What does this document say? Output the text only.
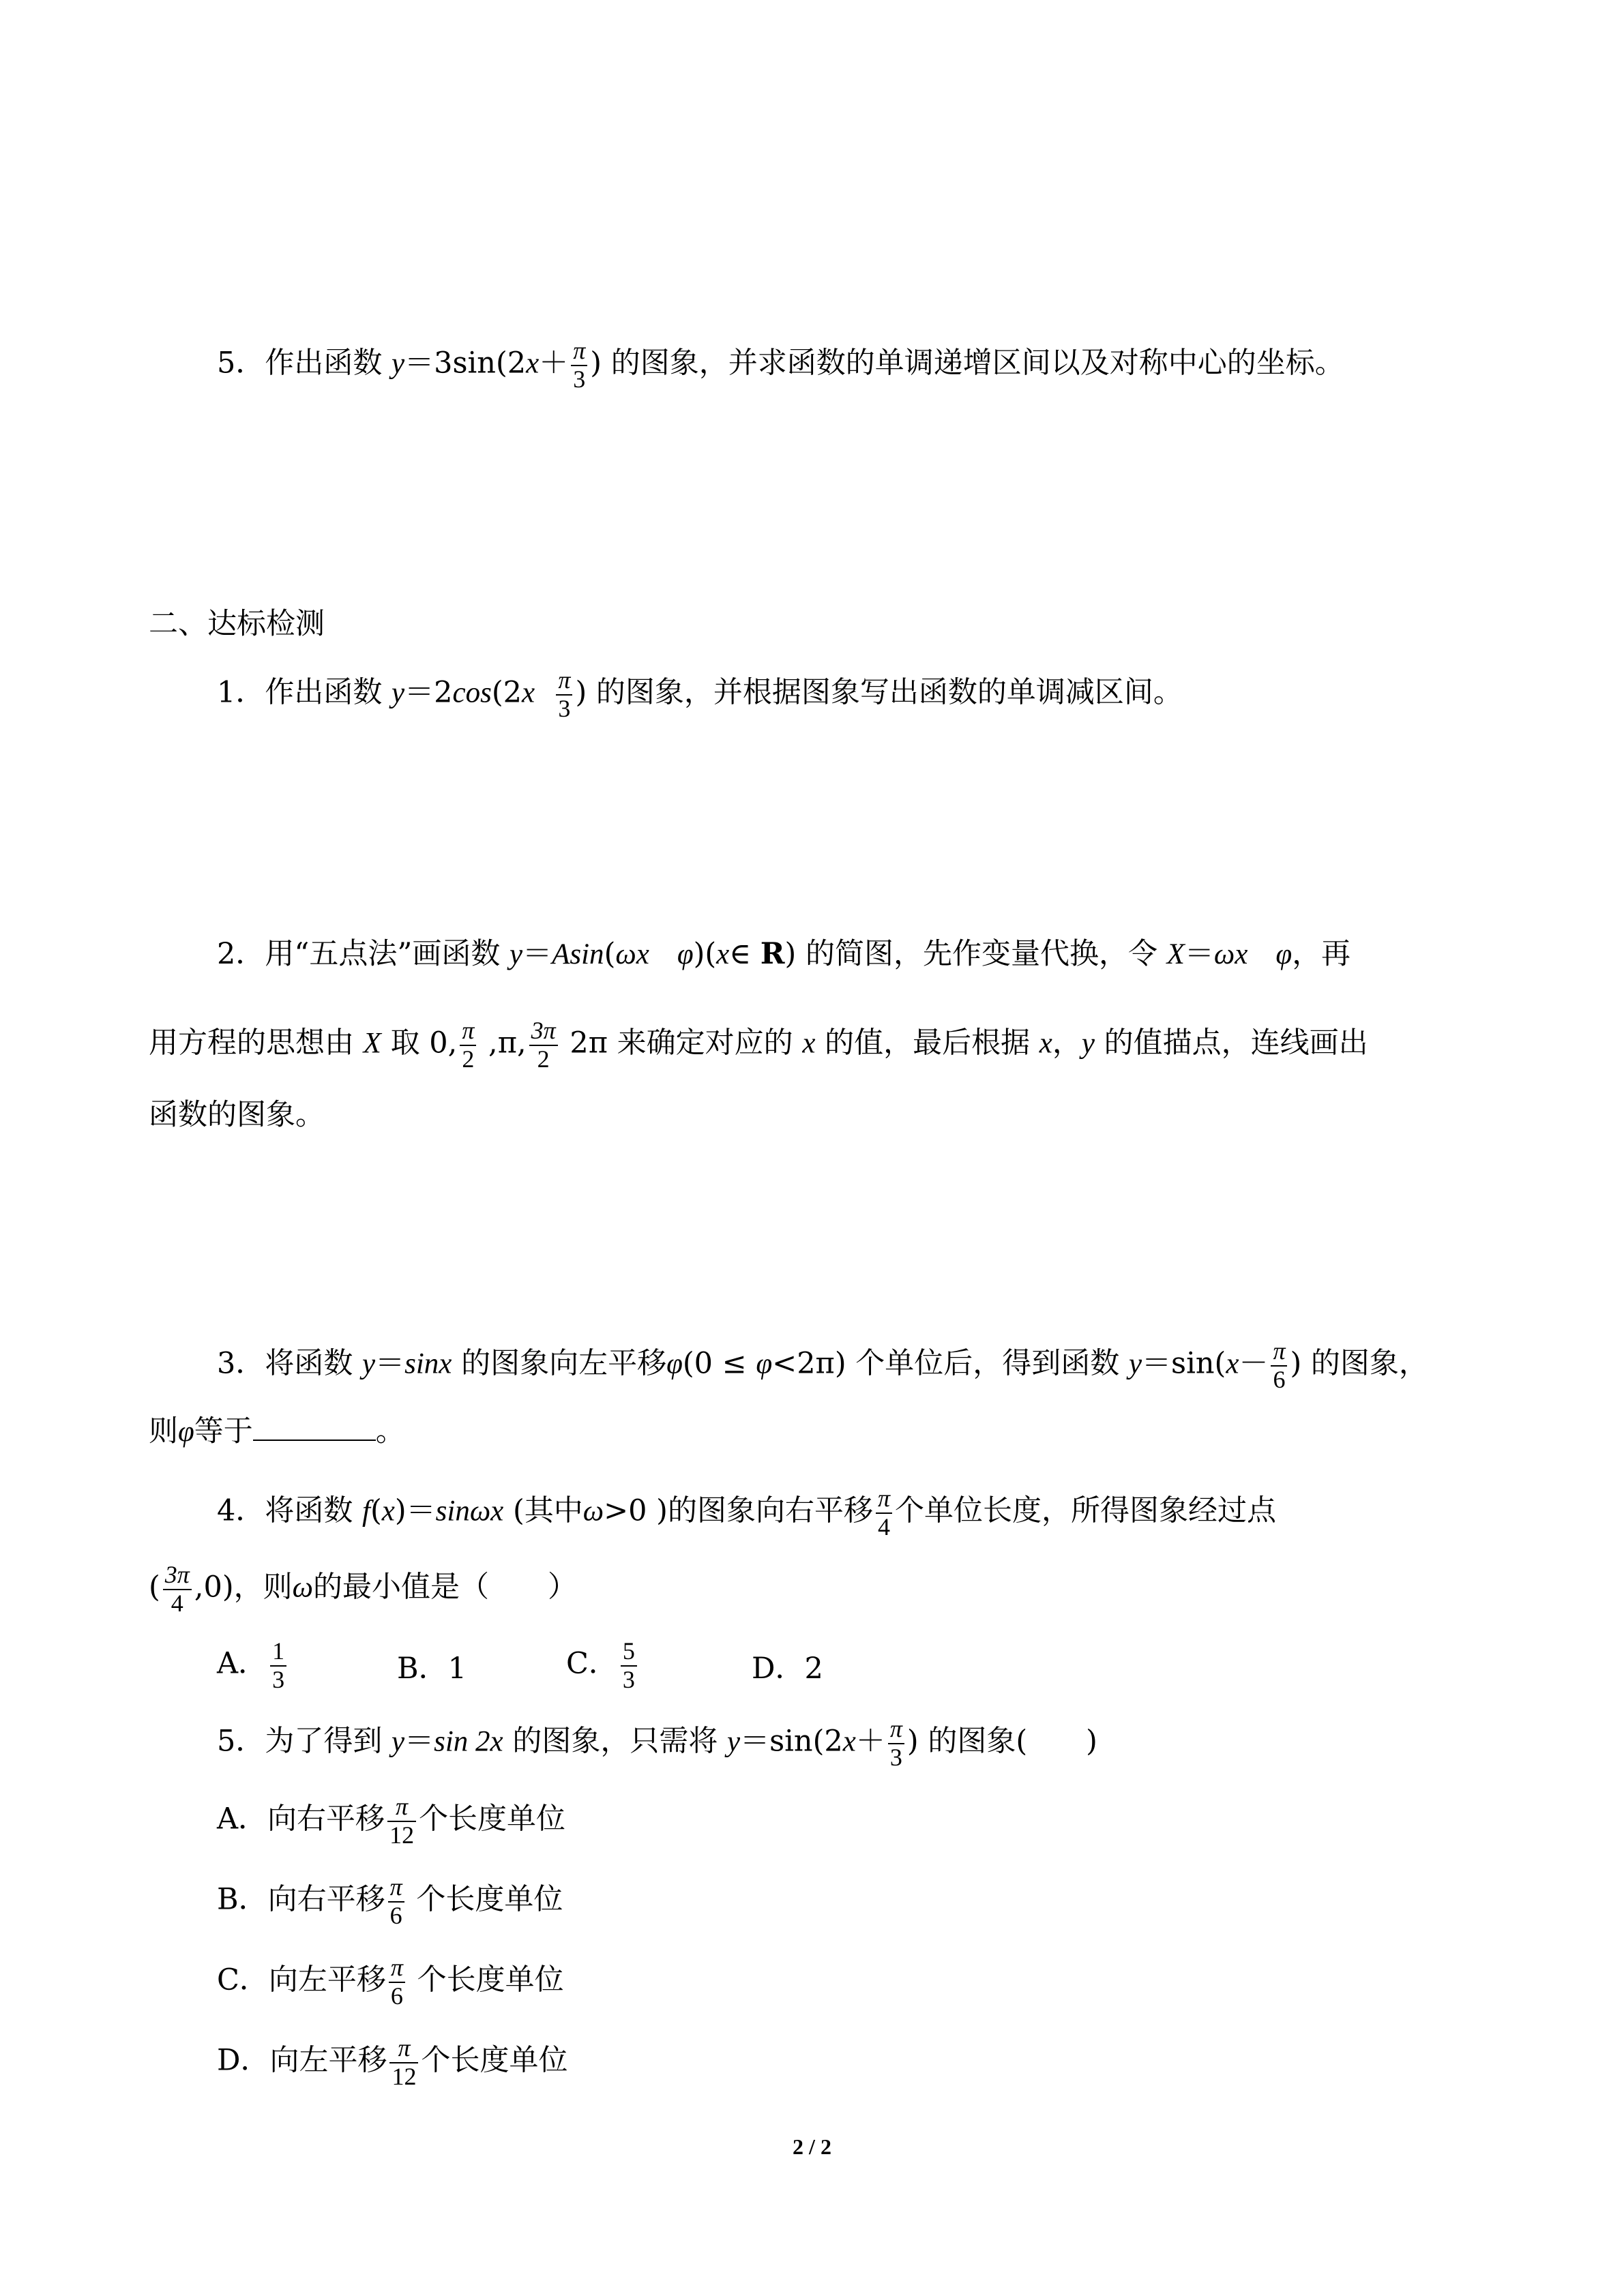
5．作出函数 $y=3\sin(2x+ \frac{\pi}{3}$ ) 的图象，并求函数的单调递增区间以及对称中心的坐标。
二、达标检测
1．作出函数 $y=2\cos(2x \frac{\pi}{3}$ ) 的图象，并根据图象写出函数的单调减区间。
2．用“五点法”画函数 y＝Asin(ωx φ)(x∈ R) 的简图，先作变量代换，令 X＝ωx φ，再
用方程的思想由 X 取 0, $\frac{\pi}{2} ,\pi$, $\frac{3\pi}{2} 2\pi$ 来确定对应的 x 的值，最后根据 x，y 的值描点，连线画出
函数的图象。
3．将函数 y＝sinx 的图象向左平移φ(0 ≤ φ<2π) 个单位后，得到函数 $y=\sin(x- \frac{\pi}{6}$ ) 的图象，
则φ等于	。
4．将函数 f(x)＝sinωx (其中ω>0 )的图象向右平移 $\frac{\pi}{4}$ 个单位长度，所得图象经过点
( $\frac{3\pi}{4} ,0$)，则ω的最小值是（　　）
A． $\frac{1}{3}$	B．1	C． $\frac{5}{3}$	D．2
5．为了得到 y＝sin 2x 的图象，只需将 $y=\sin(2x+ \frac{\pi}{3}$ ) 的图象(　　)
A．向右平移 $\frac{\pi}{12}$ 个长度单位
B．向右平移 $\frac{\pi}{6}$ 个长度单位
C．向左平移 $\frac{\pi}{6}$ 个长度单位
D．向左平移 $\frac{\pi}{12}$ 个长度单位
2 / 2
